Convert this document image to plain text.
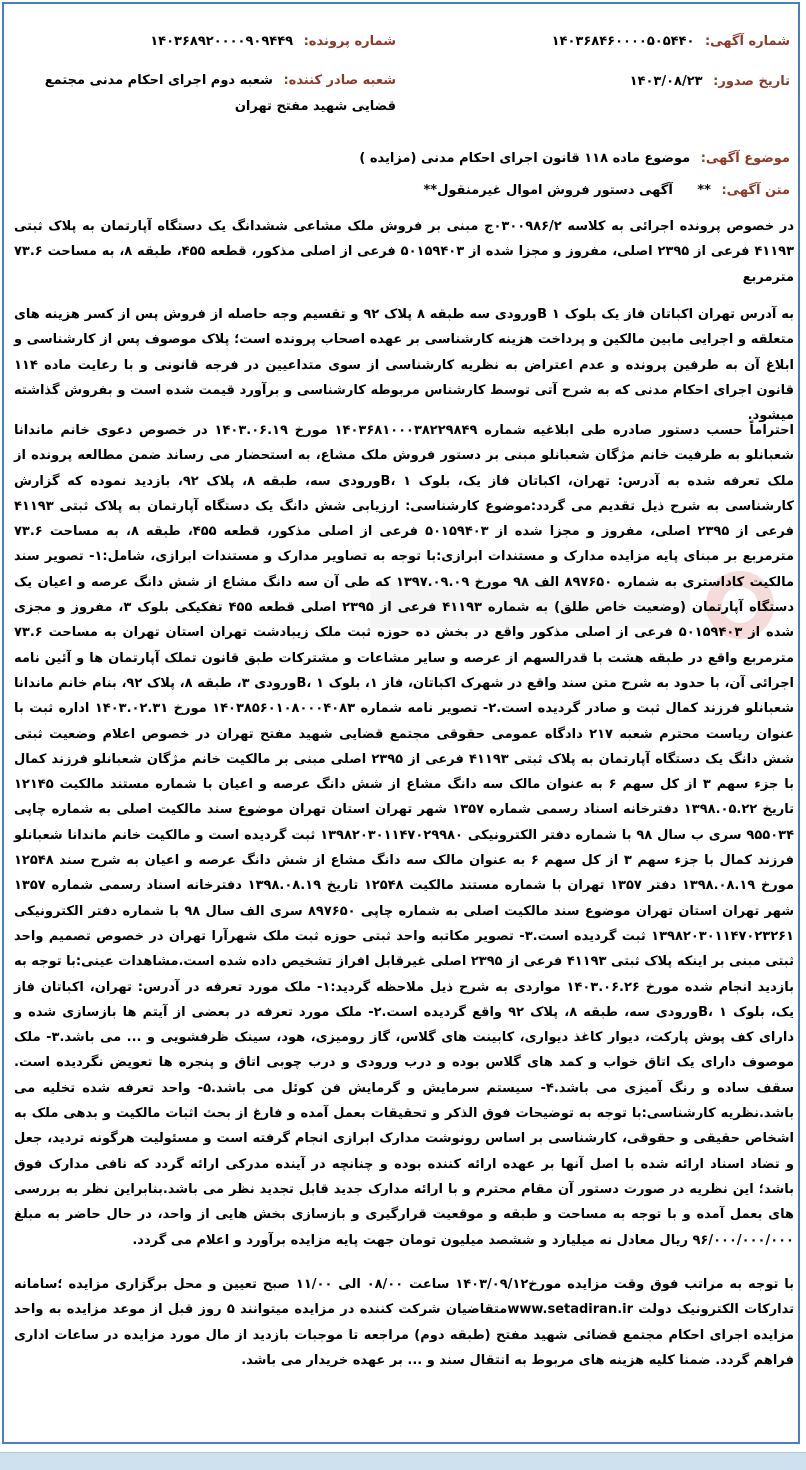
شماره آگهی: ۱۴۰۳۶۸۴۶۰۰۰۰۵۰۵۴۴۰
شماره پرونده: ۱۴۰۳۶۸۹۲۰۰۰۰۹۰۹۴۴۹
تاریخ صدور: ۱۴۰۳/۰۸/۲۳
شعبه صادر کننده: شعبه دوم اجرای احکام مدنی مجتمع قضایی شهید مفتح تهران
موضوع آگهی: موضوع ماده ۱۱۸ قانون اجرای احکام مدنی (مزایده )
متن آگهی: ** آگهی دستور فروش اموال غیرمنقول**
در خصوص پرونده اجرائی به کلاسه ۰۳۰۰۹۸۶/۲ج مبنی بر فروش ملک مشاعی ششدانگ یک دستگاه آپارتمان به پلاک ثبتی ۴۱۱۹۳ فرعی از ۲۳۹۵ اصلی، مفروز و مجزا شده از ۵۰۱۵۹۴۰۳ فرعی از اصلی مذکور، قطعه ۴۵۵، طبقه ۸، به مساحت ۷۳.۶ مترمربع
به آدرس تهران اکباتان فاز یک بلوک ۱ Bورودی سه طبقه ۸ پلاک ۹۲ و تقسیم وجه حاصله از فروش پس از کسر هزینه های متعلقه و اجرایی مابین مالکین و پرداخت هزینه کارشناسی بر عهده اصحاب پرونده است؛ پلاک موصوف پس از کارشناسی و ابلاغ آن به طرفین پرونده و عدم اعتراض به نظریه کارشناسی از سوی متداعیین در فرجه قانونی و با رعایت ماده ۱۱۴ قانون اجرای احکام مدنی که به شرح آتی توسط کارشناس مربوطه کارشناسی و برآورد قیمت شده است و بفروش گذاشته میشود.
احتراماً حسب دستور صادره طی ابلاغیه شماره ۱۴۰۳۶۸۱۰۰۰۳۸۲۲۹۸۴۹ مورخ ۱۴۰۳.۰۶.۱۹ در خصوص دعوی خانم ماندانا شعبانلو به طرفیت خانم مژگان شعبانلو مبنی بر دستور فروش ملک مشاع، به استحضار می رساند ضمن مطالعه پرونده از ملک تعرفه شده به آدرس: تهران، اکباتان فاز یک، بلوک ۱ ،Bورودی سه، طبقه ۸، پلاک ۹۲، بازدید نموده که گزارش کارشناسی به شرح ذیل تقدیم می گردد:موضوع کارشناسی: ارزیابی شش دانگ یک دستگاه آپارتمان به پلاک ثبتی ۴۱۱۹۳ فرعی از ۲۳۹۵ اصلی، مفروز و مجزا شده از ۵۰۱۵۹۴۰۳ فرعی از اصلی مذکور، قطعه ۴۵۵، طبقه ۸، به مساحت ۷۳.۶ مترمربع بر مبنای پایه مزایده مدارک و مستندات ابرازی:با توجه به تصاویر مدارک و مستندات ابرازی، شامل:۱- تصویر سند مالکیت کاداستری به شماره ۸۹۷۶۵۰ الف ۹۸ مورخ ۱۳۹۷.۰۹.۰۹ که طی آن سه دانگ مشاع از شش دانگ عرصه و اعیان یک دستگاه آپارتمان (وضعیت خاص طلق) به شماره ۴۱۱۹۳ فرعی از ۲۳۹۵ اصلی قطعه ۴۵۵ تفکیکی بلوک ۳، مفروز و مجزی شده از ۵۰۱۵۹۴۰۳ فرعی از اصلی مذکور واقع در بخش ده حوزه ثبت ملک زیبادشت تهران استان تهران به مساحت ۷۳.۶ مترمربع واقع در طبقه هشت با قدرالسهم از عرصه و سایر مشاعات و مشترکات طبق قانون تملک آپارتمان ها و آئین نامه اجرائی آن، با حدود به شرح متن سند واقع در شهرک اکباتان، فاز ۱، بلوک ۱ ،Bورودی ۳، طبقه ۸، پلاک ۹۲، بنام خانم ماندانا شعبانلو فرزند کمال ثبت و صادر گردیده است.۲- تصویر نامه شماره ۱۴۰۳۸۵۶۰۱۰۸۰۰۰۴۰۸۳ مورخ ۱۴۰۳.۰۲.۳۱ اداره ثبت با عنوان ریاست محترم شعبه ۲۱۷ دادگاه عمومی حقوقی مجتمع قضایی شهید مفتح تهران در خصوص اعلام وضعیت ثبتی شش دانگ یک دستگاه آپارتمان به پلاک ثبتی ۴۱۱۹۳ فرعی از ۲۳۹۵ اصلی مبنی بر مالکیت خانم مژگان شعبانلو فرزند کمال با جزء سهم ۳ از کل سهم ۶ به عنوان مالک سه دانگ مشاع از شش دانگ عرصه و اعیان با شماره مستند مالکیت ۱۲۱۴۵ تاریخ ۱۳۹۸.۰۵.۲۲ دفترخانه اسناد رسمی شماره ۱۳۵۷ شهر تهران استان تهران موضوع سند مالکیت اصلی به شماره چاپی ۹۵۵۰۳۴ سری ب سال ۹۸ با شماره دفتر الکترونیکی ۱۳۹۸۲۰۳۰۱۱۴۷۰۲۹۹۸۰ ثبت گردیده است و مالکیت خانم ماندانا شعبانلو فرزند کمال با جزء سهم ۳ از کل سهم ۶ به عنوان مالک سه دانگ مشاع از شش دانگ عرصه و اعیان به شرح سند ۱۲۵۴۸ مورخ ۱۳۹۸.۰۸.۱۹ دفتر ۱۳۵۷ تهران با شماره مستند مالکیت ۱۲۵۴۸ تاریخ ۱۳۹۸.۰۸.۱۹ دفترخانه اسناد رسمی شماره ۱۳۵۷ شهر تهران استان تهران موضوع سند مالکیت اصلی به شماره چاپی ۸۹۷۶۵۰ سری الف سال ۹۸ با شماره دفتر الکترونیکی ۱۳۹۸۲۰۳۰۱۱۴۷۰۲۳۲۶۱ ثبت گردیده است.۳- تصویر مکاتبه واحد ثبتی حوزه ثبت ملک شهرآرا تهران در خصوص تصمیم واحد ثبتی مبنی بر اینکه پلاک ثبتی ۴۱۱۹۳ فرعی از ۲۳۹۵ اصلی غیرقابل افراز تشخیص داده شده است.مشاهدات عینی:با توجه به بازدید انجام شده مورخ ۱۴۰۳.۰۶.۲۶ مواردی به شرح ذیل ملاحظه گردید:۱- ملک مورد تعرفه در آدرس: تهران، اکباتان فاز یک، بلوک ۱ ،Bورودی سه، طبقه ۸، پلاک ۹۲ واقع گردیده است.۲- ملک مورد تعرفه در بعضی از آیتم ها بازسازی شده و دارای کف پوش پارکت، دیوار کاغذ دیواری، کابینت های گلاس، گاز رومیزی، هود، سینک ظرفشویی و ... می باشد.۳- ملک موصوف دارای یک اتاق خواب و کمد های گلاس بوده و درب ورودی و درب چوبی اتاق و پنجره ها تعویض نگردیده است. سقف ساده و رنگ آمیزی می باشد.۴- سیستم سرمایش و گرمایش فن کوئل می باشد.۵- واحد تعرفه شده تخلیه می باشد.نظریه کارشناسی:با توجه به توضیحات فوق الذکر و تحقیقات بعمل آمده و فارغ از بحث اثبات مالکیت و بدهی ملک به اشخاص حقیقی و حقوقی، کارشناسی بر اساس رونوشت مدارک ابرازی انجام گرفته است و مسئولیت هرگونه تردید، جعل و تضاد اسناد ارائه شده با اصل آنها بر عهده ارائه کننده بوده و چنانچه در آینده مدرکی ارائه گردد که نافی مدارک فوق باشد؛ این نظریه در صورت دستور آن مقام محترم و با ارائه مدارک جدید قابل تجدید نظر می باشد.بنابراین نظر به بررسی های بعمل آمده و با توجه به مساحت و طبقه و موقعیت قرارگیری و بازسازی بخش هایی از واحد، در حال حاضر به مبلغ ۹۶/۰۰۰/۰۰۰/۰۰۰ ریال معادل نه میلیارد و ششصد میلیون تومان جهت پایه مزایده برآورد و اعلام می گردد.
با توجه به مراتب فوق وقت مزایده مورخ۱۴۰۳/۰۹/۱۲ ساعت ۰۸/۰۰ الی ۱۱/۰۰ صبح تعیین و محل برگزاری مزایده ؛سامانه تدارکات الکترونیک دولت www.setadiran.irمتقاضیان شرکت کننده در مزایده میتوانند ۵ روز قبل از موعد مزایده به واحد مزایده اجرای احکام مجتمع قضائی شهید مفتح (طبقه دوم) مراجعه تا موجبات بازدید از مال مورد مزایده در ساعات اداری فراهم گردد. ضمنا کلیه هزینه های مربوط به انتقال سند و ... بر عهده خریدار می باشد.
